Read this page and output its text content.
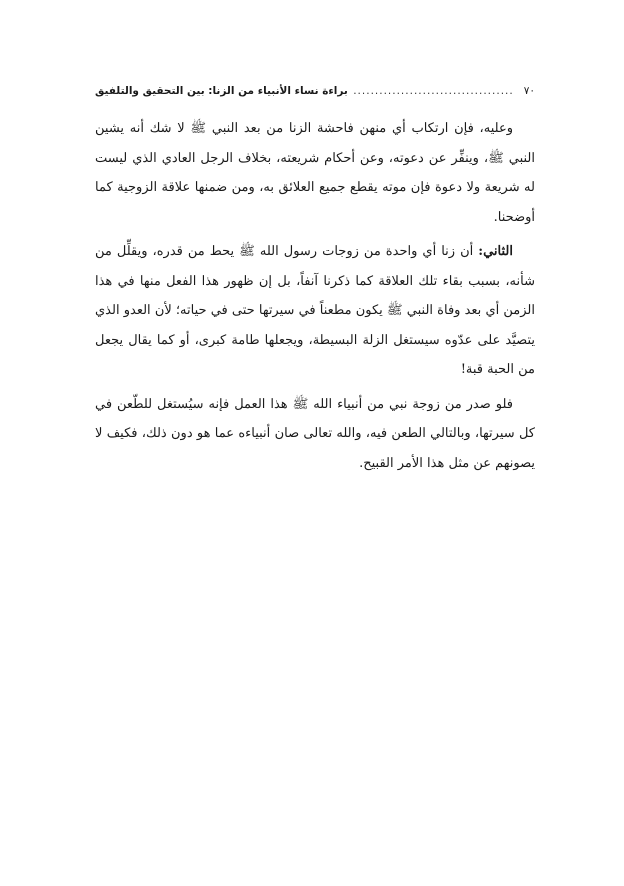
٧٠
.....
براءة نساء الأنبياء من الزنا: بين التحقيق والتلفيق

وعليه، فإن ارتكاب أي منهن فاحشة الزنا من بعد النبي ﷺ لا شك أنه يشين النبي ﷺ، وينفِّر عن دعوته، وعن أحكام شريعته، بخلاف الرجل العادي الذي ليست له شريعة ولا دعوة فإن موته يقطع جميع العلائق به، ومن ضمنها علاقة الزوجية كما أوضحنا.

الثاني: أن زنا أي واحدة من زوجات رسول الله ﷺ يحط من قدره، ويقلِّل من شأنه، بسبب بقاء تلك العلاقة كما ذكرنا آنفاً، بل إن ظهور هذا الفعل منها في هذا الزمن أي بعد وفاة النبي ﷺ يكون مطعناً في سيرتها حتى في حياته؛ لأن العدو الذي يتصيَّد على عدّوه سيستغل الزلة البسيطة، ويجعلها طامة كبرى، أو كما يقال يجعل من الحبة قبة!

فلو صدر من زوجة نبي من أنبياء الله ﷺ هذا العمل فإنه سيُستغل للطّعن في كل سيرتها، وبالتالي الطعن فيه، والله تعالى صان أنبياءه عما هو دون ذلك، فكيف لا يصونهم عن مثل هذا الأمر القبيح.
